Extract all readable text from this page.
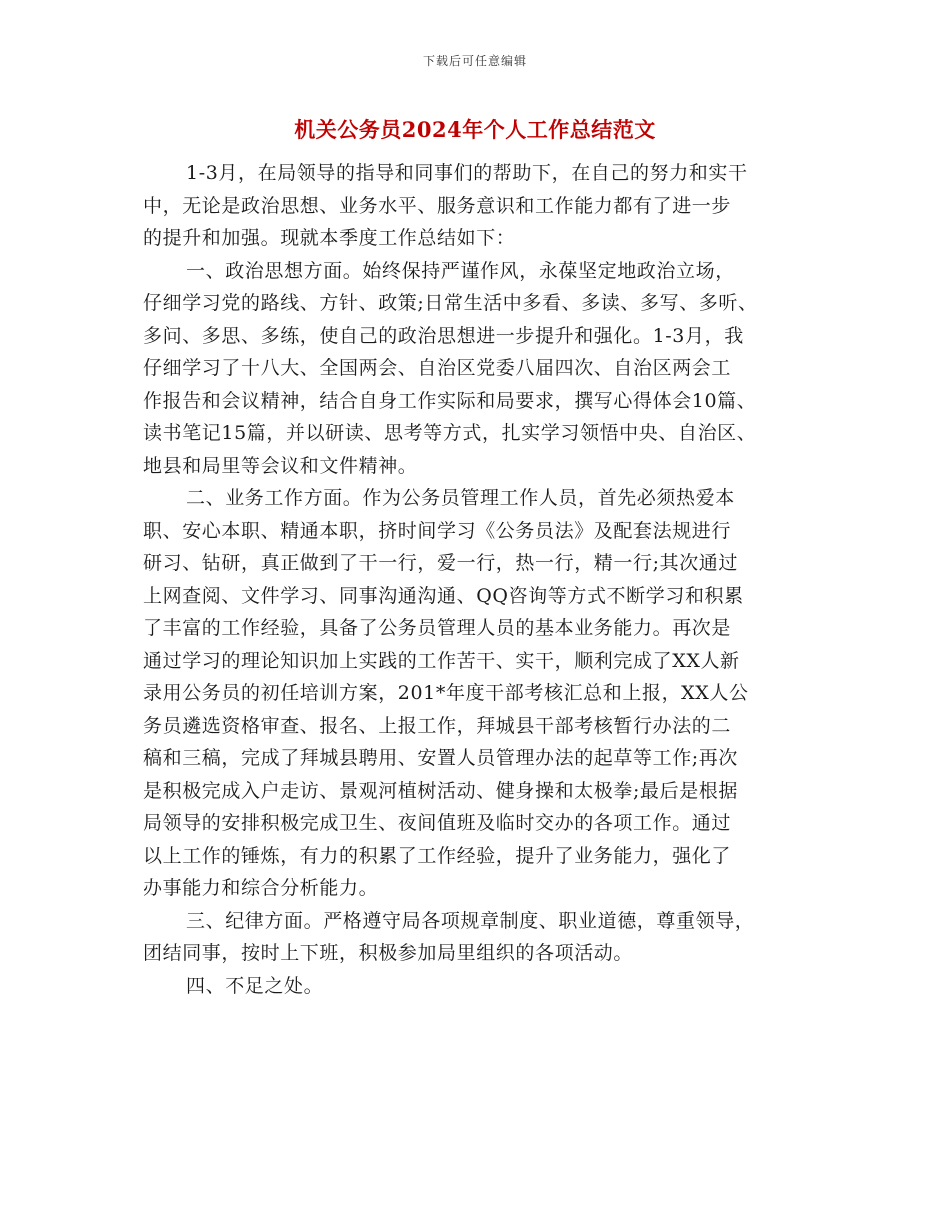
下载后可任意编辑
机关公务员2024年个人工作总结范文
1-3月，在局领导的指导和同事们的帮助下，在自己的努力和实干
中，无论是政治思想、业务水平、服务意识和工作能力都有了进一步
的提升和加强。现就本季度工作总结如下：
一、政治思想方面。始终保持严谨作风，永葆坚定地政治立场，
仔细学习党的路线、方针、政策;日常生活中多看、多读、多写、多听、
多问、多思、多练，使自己的政治思想进一步提升和强化。1-3月，我
仔细学习了十八大、全国两会、自治区党委八届四次、自治区两会工
作报告和会议精神，结合自身工作实际和局要求，撰写心得体会10篇、
读书笔记15篇，并以研读、思考等方式，扎实学习领悟中央、自治区、
地县和局里等会议和文件精神。
二、业务工作方面。作为公务员管理工作人员，首先必须热爱本
职、安心本职、精通本职，挤时间学习《公务员法》及配套法规进行
研习、钻研，真正做到了干一行，爱一行，热一行，精一行;其次通过
上网查阅、文件学习、同事沟通沟通、QQ咨询等方式不断学习和积累
了丰富的工作经验，具备了公务员管理人员的基本业务能力。再次是
通过学习的理论知识加上实践的工作苦干、实干，顺利完成了XX人新
录用公务员的初任培训方案，201*年度干部考核汇总和上报，XX人公
务员遴选资格审查、报名、上报工作，拜城县干部考核暂行办法的二
稿和三稿，完成了拜城县聘用、安置人员管理办法的起草等工作;再次
是积极完成入户走访、景观河植树活动、健身操和太极拳;最后是根据
局领导的安排积极完成卫生、夜间值班及临时交办的各项工作。通过
以上工作的锤炼，有力的积累了工作经验，提升了业务能力，强化了
办事能力和综合分析能力。
三、纪律方面。严格遵守局各项规章制度、职业道德，尊重领导，
团结同事，按时上下班，积极参加局里组织的各项活动。
四、不足之处。
